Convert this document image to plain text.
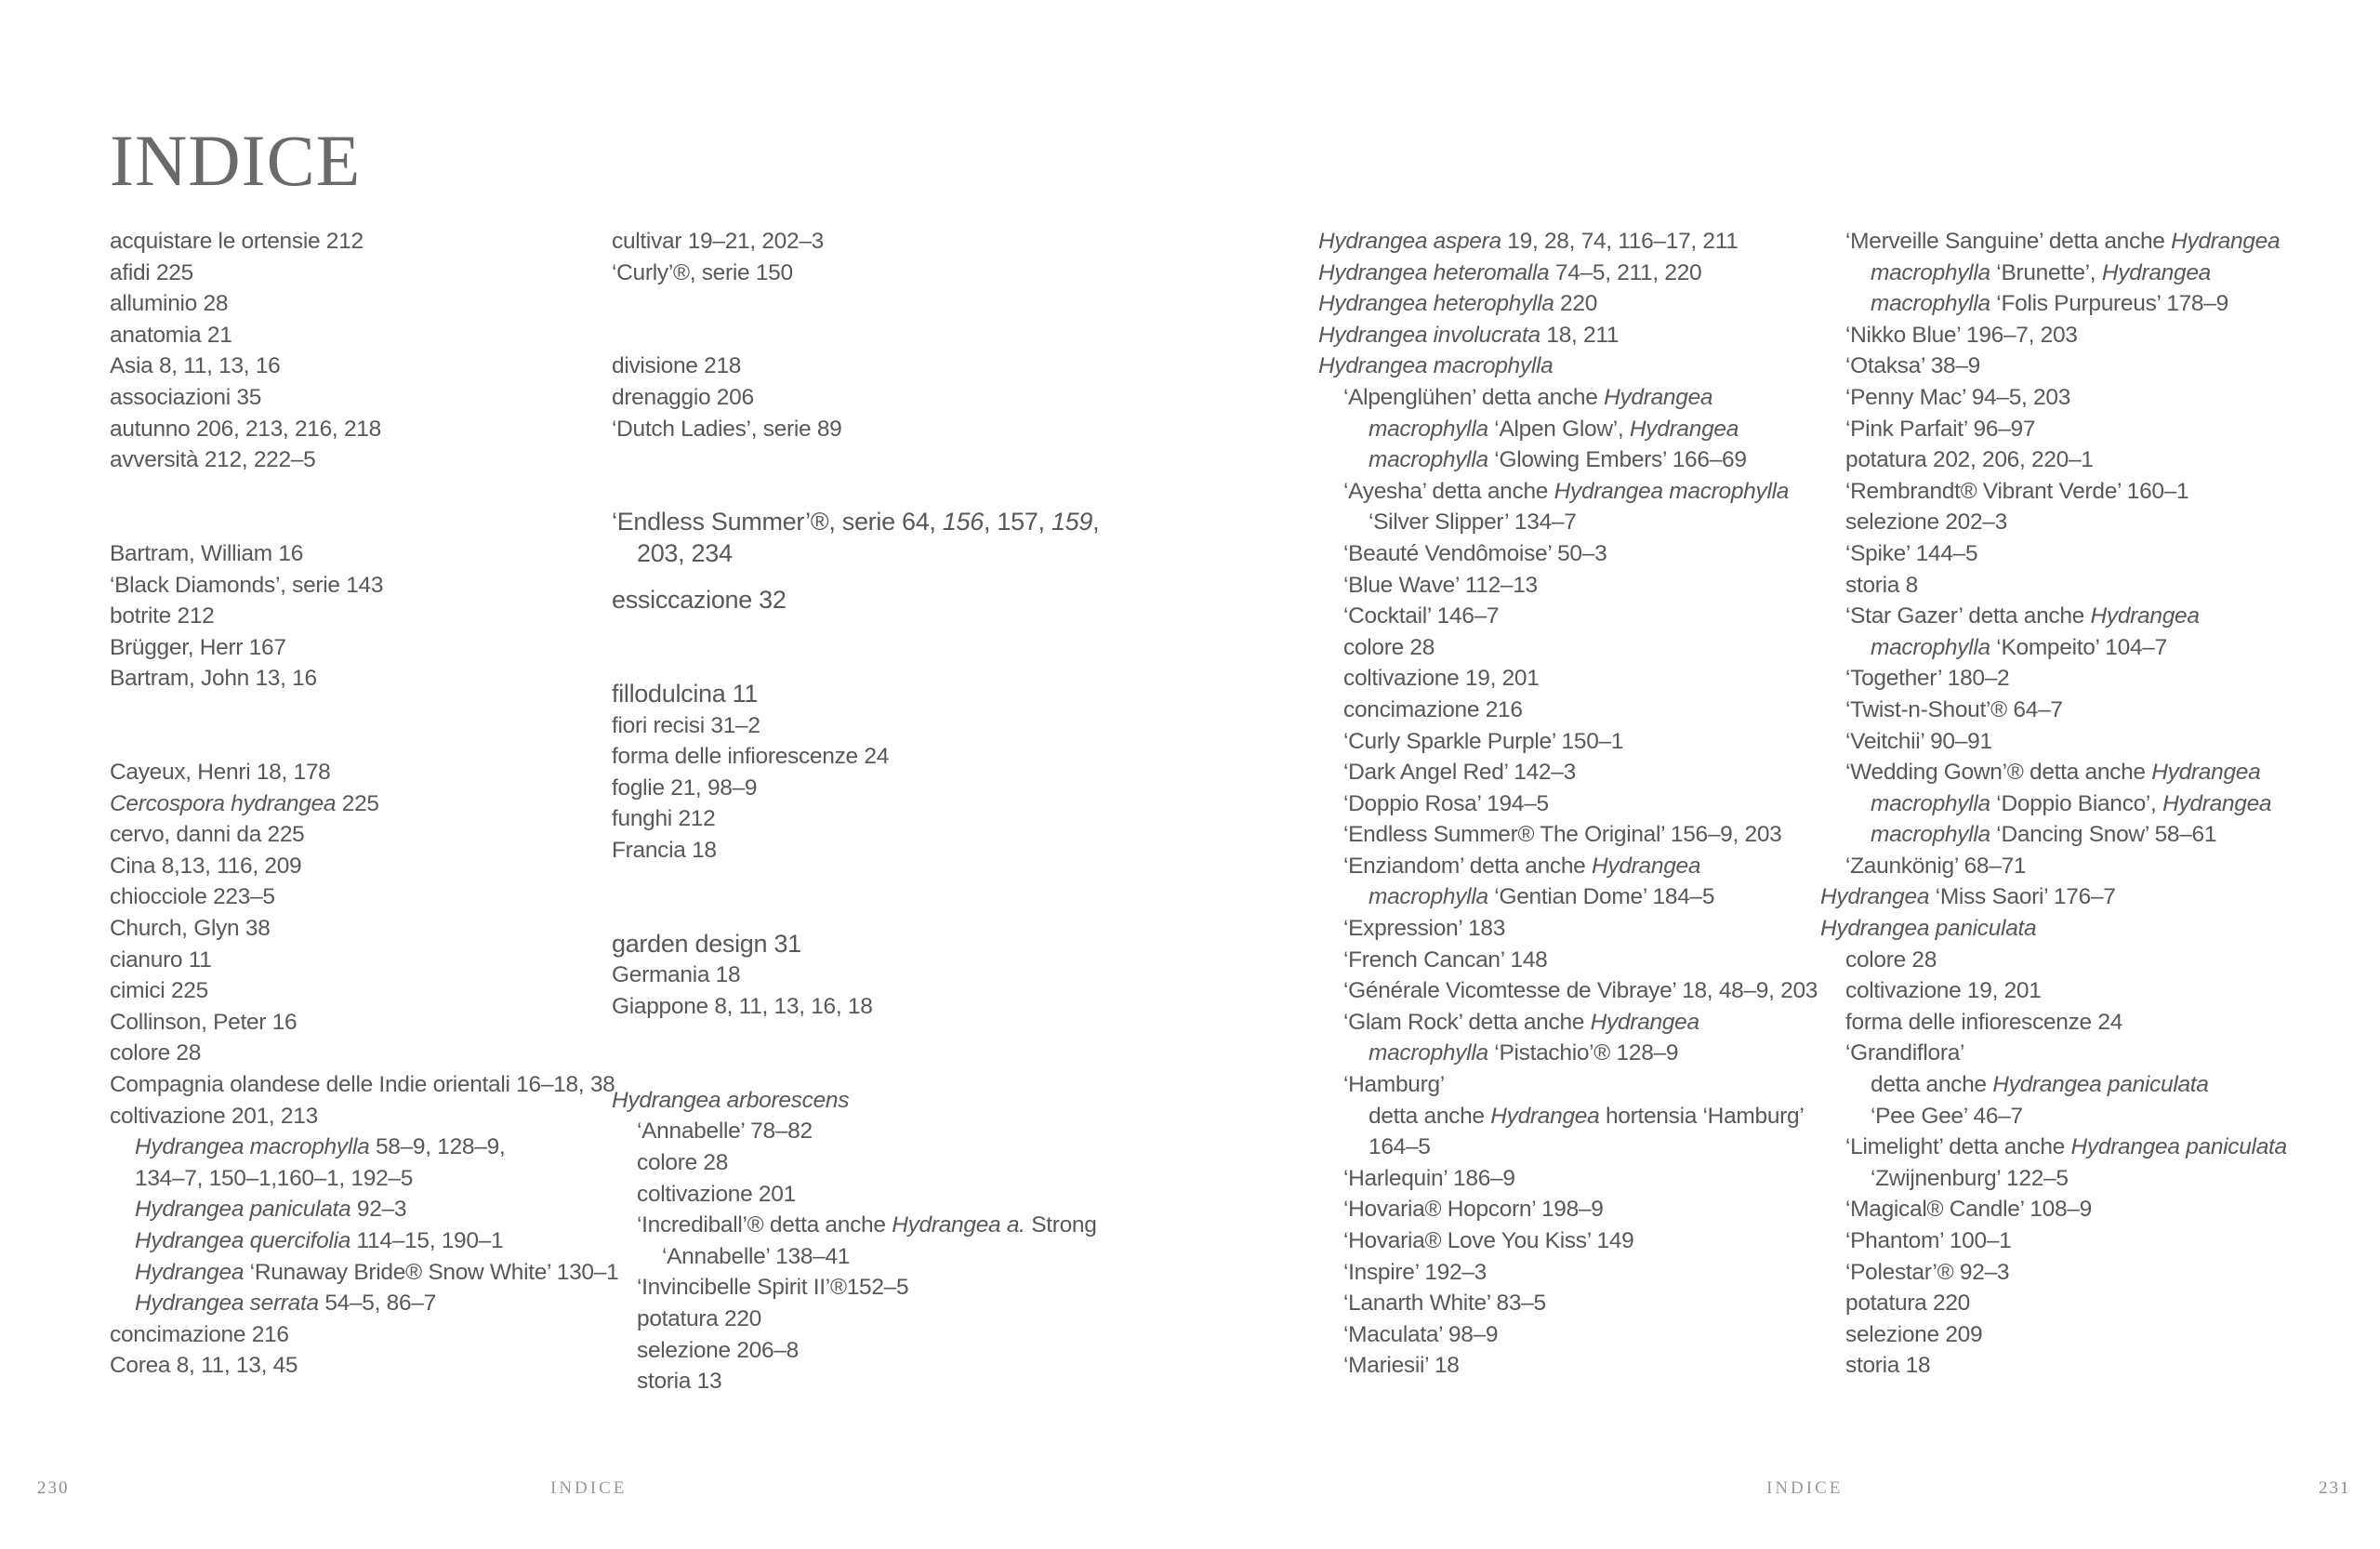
INDICE
acquistare le ortensie 212
afidi 225
alluminio 28
anatomia 21
Asia 8, 11, 13, 16
associazioni 35
autunno 206, 213, 216, 218
avversità 212, 222–5
Bartram, William 16
‘Black Diamonds’, serie 143
botrite 212
Brügger, Herr 167
Bartram, John 13, 16
Cayeux, Henri 18, 178
Cercospora hydrangea 225
cervo, danni da 225
Cina 8,13, 116, 209
chiocciole 223–5
Church, Glyn 38
cianuro 11
cimici 225
Collinson, Peter 16
colore 28
Compagnia olandese delle Indie orientali 16–18, 38
coltivazione 201, 213
Hydrangea macrophylla 58–9, 128–9,
134–7, 150–1,160–1, 192–5
Hydrangea paniculata 92–3
Hydrangea quercifolia 114–15, 190–1
Hydrangea ‘Runaway Bride® Snow White’ 130–1
Hydrangea serrata 54–5, 86–7
concimazione 216
Corea 8, 11, 13, 45
cultivar 19–21, 202–3
‘Curly’®, serie 150
divisione 218
drenaggio 206
‘Dutch Ladies’, serie 89
‘Endless Summer’®, serie 64, 156, 157, 159,
203, 234
essiccazione 32
fillodulcina 11
fiori recisi 31–2
forma delle infiorescenze 24
foglie 21, 98–9
funghi 212
Francia 18
garden design 31
Germania 18
Giappone 8, 11, 13, 16, 18
Hydrangea arborescens
‘Annabelle’ 78–82
colore 28
coltivazione 201
‘Incrediball’® detta anche Hydrangea a. Strong
‘Annabelle’ 138–41
‘Invincibelle Spirit II’®152–5
potatura 220
selezione 206–8
storia 13
Hydrangea aspera 19, 28, 74, 116–17, 211
Hydrangea heteromalla 74–5, 211, 220
Hydrangea heterophylla 220
Hydrangea involucrata 18, 211
Hydrangea macrophylla
‘Alpenglühen’ detta anche Hydrangea
macrophylla ‘Alpen Glow’, Hydrangea
macrophylla ‘Glowing Embers’ 166–69
‘Ayesha’ detta anche Hydrangea macrophylla
‘Silver Slipper’ 134–7
‘Beauté Vendômoise’ 50–3
‘Blue Wave’ 112–13
‘Cocktail’ 146–7
colore 28
coltivazione 19, 201
concimazione 216
‘Curly Sparkle Purple’ 150–1
‘Dark Angel Red’ 142–3
‘Doppio Rosa’ 194–5
‘Endless Summer® The Original’ 156–9, 203
‘Enziandom’ detta anche Hydrangea
macrophylla ‘Gentian Dome’ 184–5
‘Expression’ 183
‘French Cancan’ 148
‘Générale Vicomtesse de Vibraye’ 18, 48–9, 203
‘Glam Rock’ detta anche Hydrangea
macrophylla ‘Pistachio’® 128–9
‘Hamburg’
detta anche Hydrangea hortensia ‘Hamburg’
164–5
‘Harlequin’ 186–9
‘Hovaria® Hopcorn’ 198–9
‘Hovaria® Love You Kiss’ 149
‘Inspire’ 192–3
‘Lanarth White’ 83–5
‘Maculata’ 98–9
‘Mariesii’ 18
‘Merveille Sanguine’ detta anche Hydrangea
macrophylla ‘Brunette’, Hydrangea
macrophylla ‘Folis Purpureus’ 178–9
‘Nikko Blue’ 196–7, 203
‘Otaksa’ 38–9
‘Penny Mac’ 94–5, 203
‘Pink Parfait’ 96–97
potatura 202, 206, 220–1
‘Rembrandt® Vibrant Verde’ 160–1
selezione 202–3
‘Spike’ 144–5
storia 8
‘Star Gazer’ detta anche Hydrangea
macrophylla ‘Kompeito’ 104–7
‘Together’ 180–2
‘Twist-n-Shout’® 64–7
‘Veitchii’ 90–91
‘Wedding Gown’® detta anche Hydrangea
macrophylla ‘Doppio Bianco’, Hydrangea
macrophylla ‘Dancing Snow’ 58–61
‘Zaunkönig’ 68–71
Hydrangea ‘Miss Saori’ 176–7
Hydrangea paniculata
colore 28
coltivazione 19, 201
forma delle infiorescenze 24
‘Grandiflora’
detta anche Hydrangea paniculata
‘Pee Gee’ 46–7
‘Limelight’ detta anche Hydrangea paniculata
‘Zwijnenburg’ 122–5
‘Magical® Candle’ 108–9
‘Phantom’ 100–1
‘Polestar’® 92–3
potatura 220
selezione 209
storia 18
230	INDICE	INDICE	231
